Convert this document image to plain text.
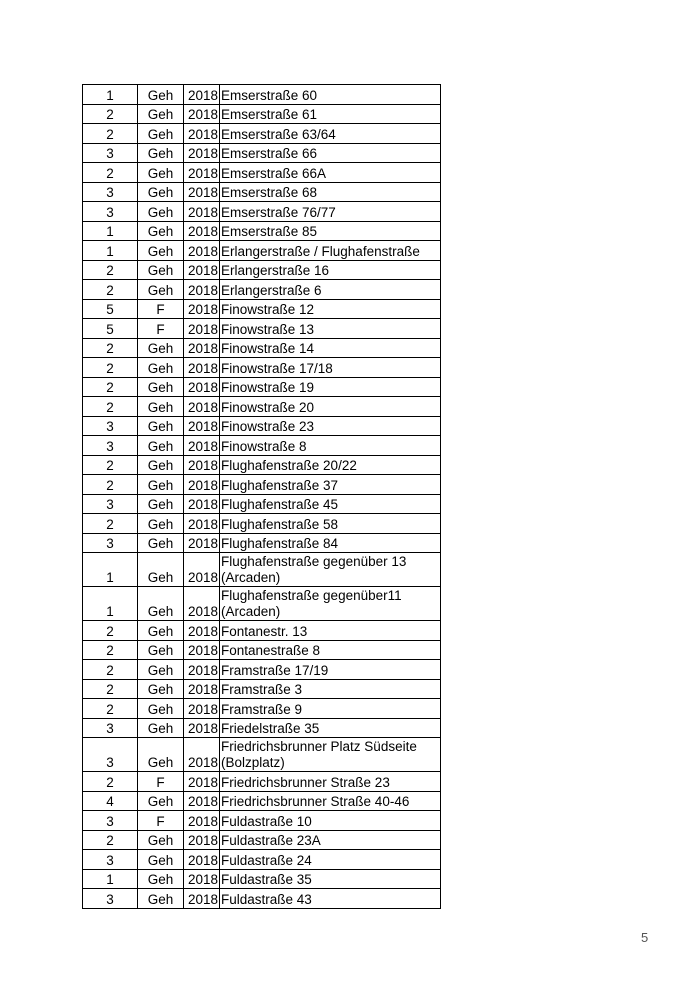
1	Geh	2018	Emserstraße 60
2	Geh	2018	Emserstraße 61
2	Geh	2018	Emserstraße 63/64
3	Geh	2018	Emserstraße 66
2	Geh	2018	Emserstraße 66A
3	Geh	2018	Emserstraße 68
3	Geh	2018	Emserstraße 76/77
1	Geh	2018	Emserstraße 85
1	Geh	2018	Erlangerstraße / Flughafenstraße
2	Geh	2018	Erlangerstraße 16
2	Geh	2018	Erlangerstraße 6
5	F	2018	Finowstraße 12
5	F	2018	Finowstraße 13
2	Geh	2018	Finowstraße 14
2	Geh	2018	Finowstraße 17/18
2	Geh	2018	Finowstraße 19
2	Geh	2018	Finowstraße 20
3	Geh	2018	Finowstraße 23
3	Geh	2018	Finowstraße 8
2	Geh	2018	Flughafenstraße 20/22
2	Geh	2018	Flughafenstraße 37
3	Geh	2018	Flughafenstraße 45
2	Geh	2018	Flughafenstraße 58
3	Geh	2018	Flughafenstraße 84
1	Geh	2018	Flughafenstraße gegenüber 13 (Arcaden)
1	Geh	2018	Flughafenstraße gegenüber11 (Arcaden)
2	Geh	2018	Fontanestr. 13
2	Geh	2018	Fontanestraße 8
2	Geh	2018	Framstraße 17/19
2	Geh	2018	Framstraße 3
2	Geh	2018	Framstraße 9
3	Geh	2018	Friedelstraße 35
3	Geh	2018	Friedrichsbrunner Platz Südseite (Bolzplatz)
2	F	2018	Friedrichsbrunner Straße 23
4	Geh	2018	Friedrichsbrunner Straße 40-46
3	F	2018	Fuldastraße 10
2	Geh	2018	Fuldastraße 23A
3	Geh	2018	Fuldastraße 24
1	Geh	2018	Fuldastraße 35
3	Geh	2018	Fuldastraße 43
5
